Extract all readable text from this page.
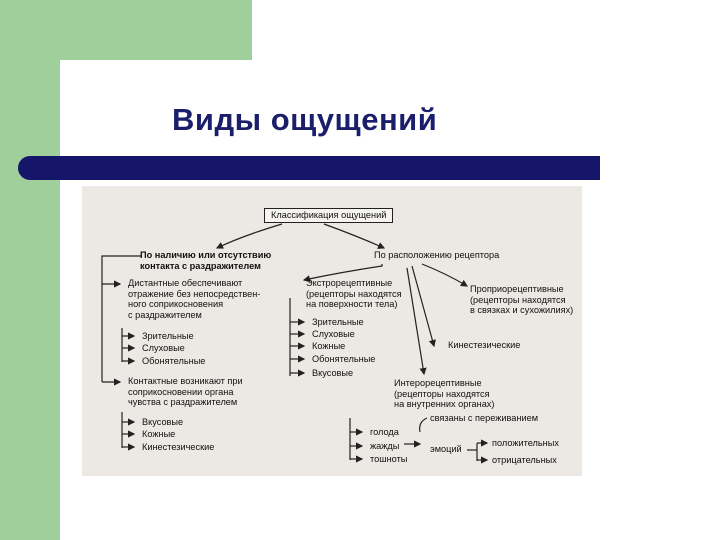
Виды ощущений
Классификация ощущений
По наличию или отсутствию
контакта с раздражителем
По расположению рецептора
Дистантные обеспечивают
отражение без непосредствен-
ного соприкосновения
с раздражителем
Зрительные
Слуховые
Обонятельные
Контактные возникают при
соприкосновении органа
чувства с раздражителем
Вкусовые
Кожные
Кинестезические
Экстрорецептивные
(рецепторы находятся
на поверхности тела)
Зрительные
Слуховые
Кожные
Обонятельные
Вкусовые
Проприорецептивные
(рецепторы находятся
в связках и сухожилиях)
Кинестезические
Интерорецептивные
(рецепторы находятся
на внутренних органах)
связаны с переживанием
голода
жажды
тошноты
эмоций
положительных
отрицательных
